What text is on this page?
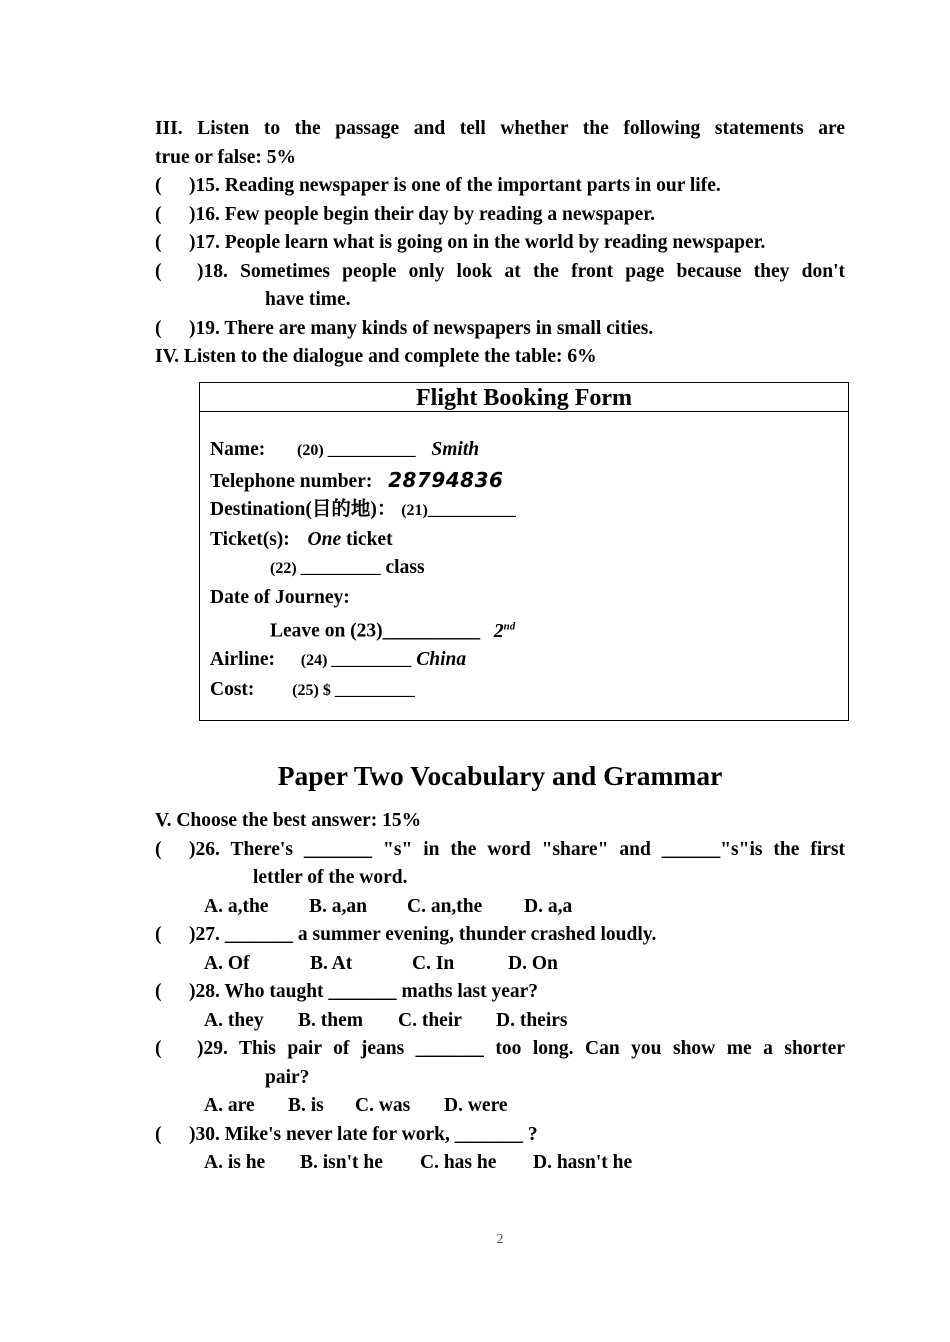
III. Listen to the passage and tell whether the following statements are
true or false: 5%
( )15. Reading newspaper is one of the important parts in our life.
( )16. Few people begin their day by reading a newspaper.
( )17. People learn what is going on in the world by reading newspaper.
( )18. Sometimes people only look at the front page because they don't
have time.
( )19. There are many kinds of newspapers in small cities.
IV. Listen to the dialogue and complete the table: 6%
Flight Booking Form
Name: (20) ___________ Smith
Telephone number: 28794836
Destination(目的地)： (21)___________
Ticket(s): One ticket
(22) __________ class
Date of Journey:
Leave on (23)__________ 2nd
Airline: (24) __________ China
Cost: (25) $ __________
Paper Two Vocabulary and Grammar
V. Choose the best answer: 15%
( )26. There's _______ "s" in the word "share" and ______"s"is the first
lettler of the word.
A. a,the B. a,an C. an,the D. a,a
( )27. _______ a summer evening, thunder crashed loudly.
A. Of	B. At	C. In	D. On
( )28. Who taught _______ maths last year?
A. they B. them C. their D. theirs
( )29. This pair of jeans _______ too long. Can you show me a shorter
pair?
A. are B. is C. was D. were
( )30. Mike's never late for work, _______ ?
A. is he B. isn't he C. has he D. hasn't he
2
